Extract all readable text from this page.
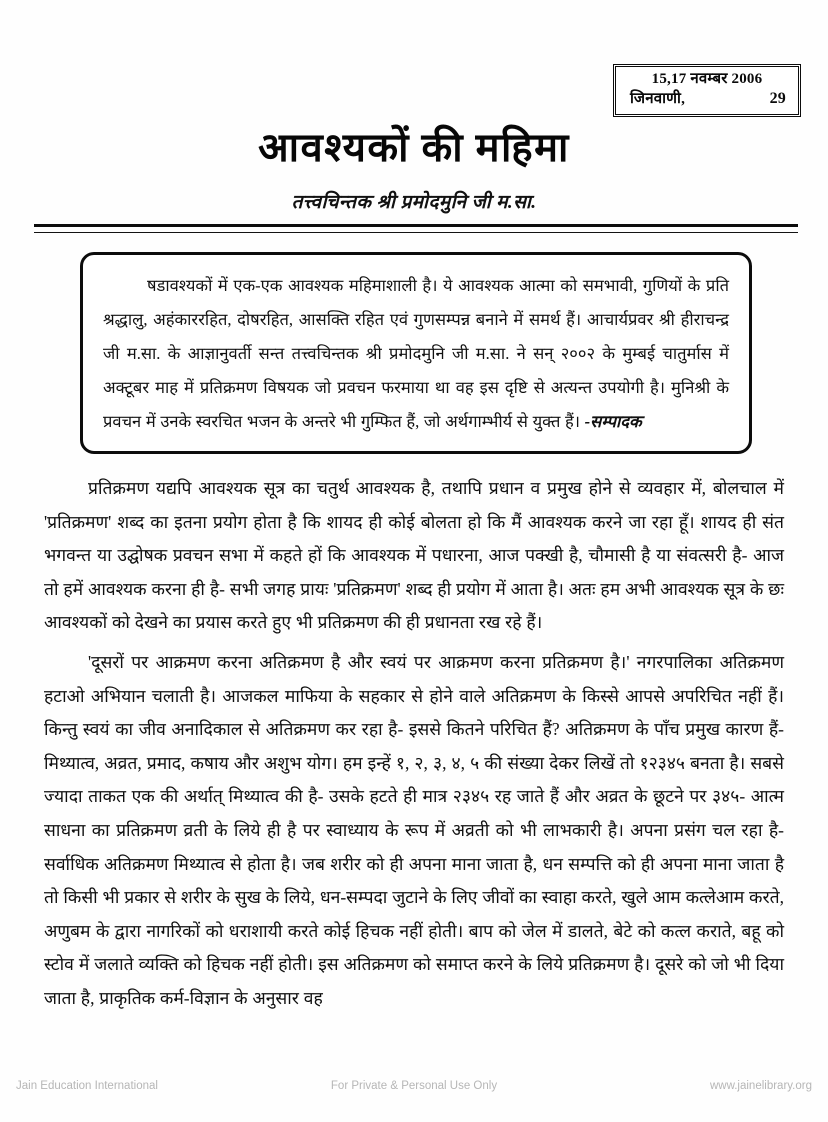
15,17 नवम्बर 2006
जिनवाणी,	29
आवश्यकों की महिमा
तत्त्वचिन्तक श्री प्रमोदमुनि जी म.सा.

षडावश्यकों में एक-एक आवश्यक महिमाशाली है। ये आवश्यक आत्मा को सम‌भावी, गुणियों के प्रति श्रद्धालु, अहंकाररहित, दोषरहित, आसक्ति रहित एवं गुणसम्पन्न बनाने में समर्थ हैं। आचार्यप्रवर श्री हीराचन्द्र जी म.सा. के आज्ञानुवर्ती सन्त तत्त्वचिन्तक श्री प्रमोदमुनि जी म.सा. ने सन् २००२ के मुम्बई चातुर्मास में अक्टूबर माह में प्रतिक्रमण विषयक जो प्रवचन फरमाया था वह इस दृष्टि से अत्यन्त उपयोगी है। मुनिश्री के प्रवचन में उनके स्वरचित भजन के अन्तरे भी गुम्फित हैं, जो अर्थगाम्भीर्य से युक्त हैं। -सम्पादक

प्रतिक्रमण यद्यपि आवश्यक सूत्र का चतुर्थ आवश्यक है, तथापि प्रधान व प्रमुख होने से व्यवहार में, बोलचाल में 'प्रतिक्रमण' शब्द का इतना प्रयोग होता है कि शायद ही कोई बोलता हो कि मैं आवश्यक करने जा रहा हूँ। शायद ही संत भगवन्त या उद्घोषक प्रवचन सभा में कहते हों कि आवश्यक में पधारना, आज पक्खी है, चौमासी है या संवत्सरी है- आज तो हमें आवश्यक करना ही है- सभी जगह प्रायः 'प्रतिक्रमण' शब्द ही प्रयोग में आता है। अतः हम अभी आवश्यक सूत्र के छः आवश्यकों को देखने का प्रयास करते हुए भी प्रतिक्रमण की ही प्रधानता रख रहे हैं।

'दूसरों पर आक्रमण करना अतिक्रमण है और स्वयं पर आक्रमण करना प्रतिक्रमण है।' नगरपालिका अतिक्रमण हटाओ अभियान चलाती है। आजकल माफिया के सहकार से होने वाले अतिक्रमण के किस्से आपसे अपरिचित नहीं हैं। किन्तु स्वयं का जीव अनादिकाल से अतिक्रमण कर रहा है- इससे कितने परिचित हैं? अतिक्रमण के पाँच प्रमुख कारण हैं- मिथ्यात्व, अव्रत, प्रमाद, कषाय और अशुभ योग। हम इन्हें १, २, ३, ४, ५ की संख्या देकर लिखें तो १२३४५ बनता है। सबसे ज्यादा ताकत एक की अर्थात् मिथ्यात्व की है- उसके हटते ही मात्र २३४५ रह जाते हैं और अव्रत के छूटने पर ३४५- आत्म साधना का प्रतिक्रमण व्रती के लिये ही है पर स्वाध्याय के रूप में अव्रती को भी लाभकारी है। अपना प्रसंग चल रहा है- सर्वाधिक अतिक्रमण मिथ्यात्व से होता है। जब शरीर को ही अपना माना जाता है, धन सम्पत्ति को ही अपना माना जाता है तो किसी भी प्रकार से शरीर के सुख के लिये, धन-सम्पदा जुटाने के लिए जीवों का स्वाहा करते, खुले आम कत्लेआम करते, अणुबम के द्वारा नागरिकों को धराशायी करते कोई हिचक नहीं होती। बाप को जेल में डालते, बेटे को कत्ल कराते, बहू को स्टोव में जलाते व्यक्ति को हिचक नहीं होती। इस अतिक्रमण को समाप्त करने के लिये प्रतिक्रमण है। दूसरे को जो भी दिया जाता है, प्राकृतिक कर्म-विज्ञान के अनुसार वह

Jain Education International	For Private & Personal Use Only	www.jainelibrary.org
